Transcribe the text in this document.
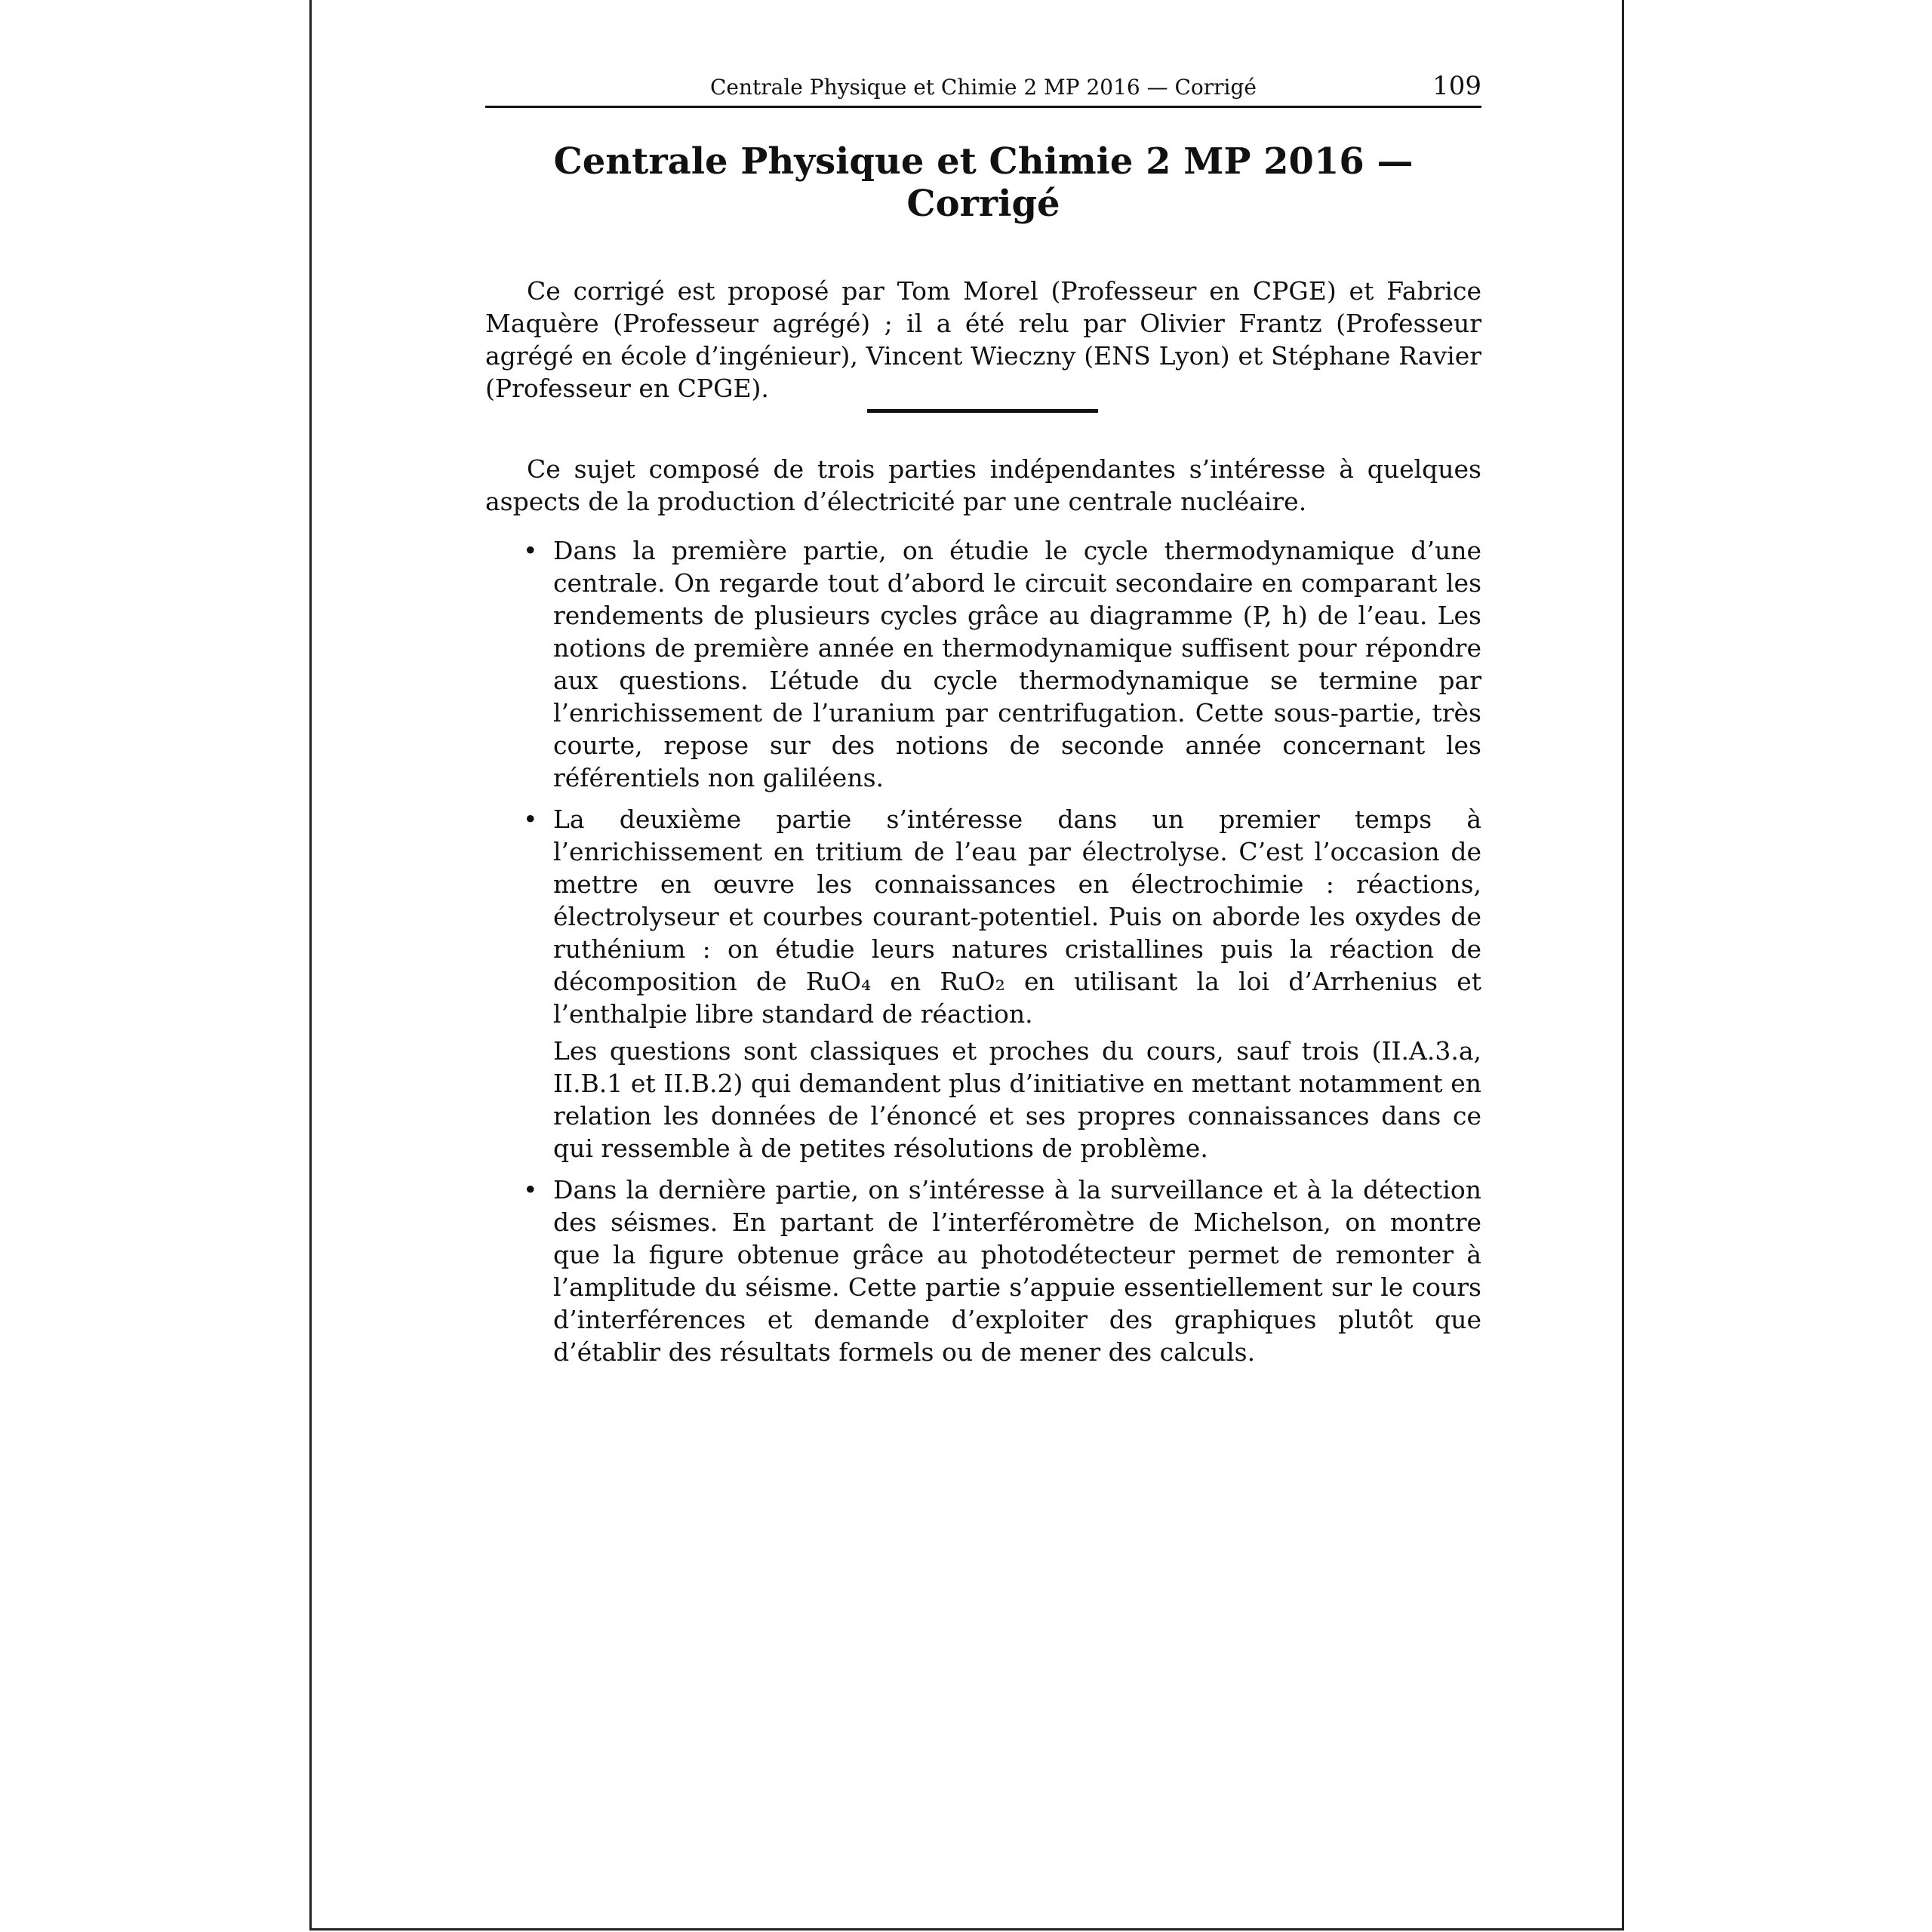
Centrale Physique et Chimie 2 MP 2016 — Corrigé	109
Centrale Physique et Chimie 2 MP 2016 — Corrigé

Ce corrigé est proposé par Tom Morel (Professeur en CPGE) et Fabrice Maquère (Professeur agrégé) ; il a été relu par Olivier Frantz (Professeur agrégé en école d’ingénieur), Vincent Wieczny (ENS Lyon) et Stéphane Ravier (Professeur en CPGE).

Ce sujet composé de trois parties indépendantes s’intéresse à quelques aspects de la production d’électricité par une centrale nucléaire.

• Dans la première partie, on étudie le cycle thermodynamique d’une centrale. On regarde tout d’abord le circuit secondaire en comparant les rendements de plusieurs cycles grâce au diagramme (P, h) de l’eau. Les notions de première année en thermodynamique suffisent pour répondre aux questions. L’étude du cycle thermodynamique se termine par l’enrichissement de l’uranium par centrifugation. Cette sous-partie, très courte, repose sur des notions de seconde année concernant les référentiels non galiléens.

• La deuxième partie s’intéresse dans un premier temps à l’enrichissement en tritium de l’eau par électrolyse. C’est l’occasion de mettre en œuvre les connaissances en électrochimie : réactions, électrolyseur et courbes courant-potentiel. Puis on aborde les oxydes de ruthénium : on étudie leurs natures cristallines puis la réaction de décomposition de RuO₄ en RuO₂ en utilisant la loi d’Arrhenius et l’enthalpie libre standard de réaction.

Les questions sont classiques et proches du cours, sauf trois (II.A.3.a, II.B.1 et II.B.2) qui demandent plus d’initiative en mettant notamment en relation les données de l’énoncé et ses propres connaissances dans ce qui ressemble à de petites résolutions de problème.

• Dans la dernière partie, on s’intéresse à la surveillance et à la détection des séismes. En partant de l’interféromètre de Michelson, on montre que la figure obtenue grâce au photodétecteur permet de remonter à l’amplitude du séisme. Cette partie s’appuie essentiellement sur le cours d’interférences et demande d’exploiter des graphiques plutôt que d’établir des résultats formels ou de mener des calculs.
